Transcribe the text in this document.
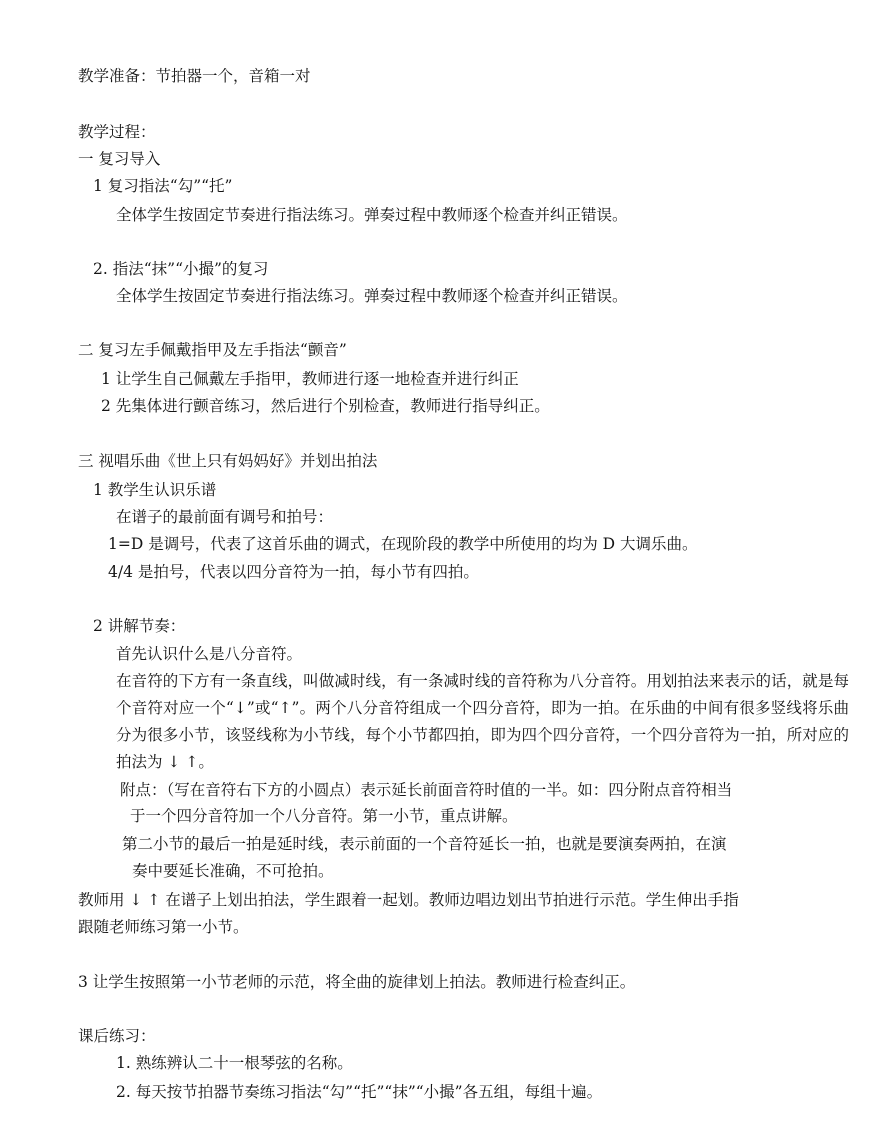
教学准备：节拍器一个，音箱一对
教学过程：
一 复习导入
1 复习指法“勾”“托”
全体学生按固定节奏进行指法练习。弹奏过程中教师逐个检查并纠正错误。
2. 指法“抹”“小撮”的复习
全体学生按固定节奏进行指法练习。弹奏过程中教师逐个检查并纠正错误。
二 复习左手佩戴指甲及左手指法“颤音”
1 让学生自己佩戴左手指甲，教师进行逐一地检查并进行纠正
2 先集体进行颤音练习，然后进行个别检查，教师进行指导纠正。
三 视唱乐曲《世上只有妈妈好》并划出拍法
1 教学生认识乐谱
在谱子的最前面有调号和拍号：
1=D 是调号，代表了这首乐曲的调式，在现阶段的教学中所使用的均为 D 大调乐曲。
4/4 是拍号，代表以四分音符为一拍，每小节有四拍。
2 讲解节奏：
首先认识什么是八分音符。
在音符的下方有一条直线，叫做减时线，有一条减时线的音符称为八分音符。用划拍法来表示的话，就是每个音符对应一个“↓”或“↑”。两个八分音符组成一个四分音符，即为一拍。在乐曲的中间有很多竖线将乐曲分为很多小节，该竖线称为小节线，每个小节都四拍，即为四个四分音符，一个四分音符为一拍，所对应的拍法为 ↓ ↑。
附点：（写在音符右下方的小圆点）表示延长前面音符时值的一半。如：四分附点音符相当
于一个四分音符加一个八分音符。第一小节，重点讲解。
第二小节的最后一拍是延时线，表示前面的一个音符延长一拍，也就是要演奏两拍，在演
奏中要延长准确，不可抢拍。
教师用 ↓ ↑ 在谱子上划出拍法，学生跟着一起划。教师边唱边划出节拍进行示范。学生伸出手指
跟随老师练习第一小节。
3 让学生按照第一小节老师的示范，将全曲的旋律划上拍法。教师进行检查纠正。
课后练习：
1. 熟练辨认二十一根琴弦的名称。
2. 每天按节拍器节奏练习指法“勾”“托”“抹”“小撮”各五组，每组十遍。
